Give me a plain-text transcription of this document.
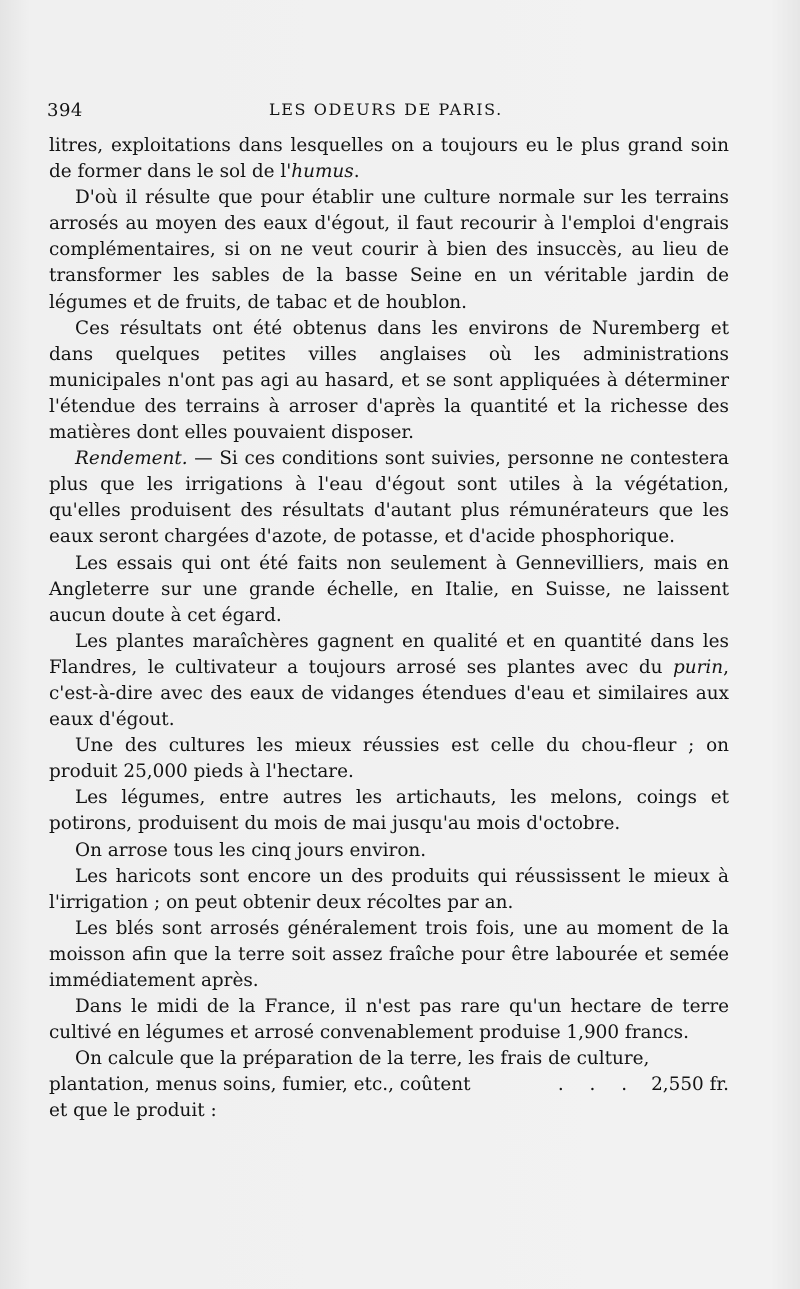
394	LES ODEURS DE PARIS.

litres, exploitations dans lesquelles on a toujours eu le plus grand soin de former dans le sol de l'humus.

D'où il résulte que pour établir une culture normale sur les terrains arrosés au moyen des eaux d'égout, il faut recourir à l'emploi d'engrais complémentaires, si on ne veut courir à bien des insuccès, au lieu de transformer les sables de la basse Seine en un véritable jardin de légumes et de fruits, de tabac et de houblon.

Ces résultats ont été obtenus dans les environs de Nuremberg et dans quelques petites villes anglaises où les administrations municipales n'ont pas agi au hasard, et se sont appliquées à déterminer l'étendue des terrains à arroser d'après la quantité et la richesse des matières dont elles pouvaient disposer.

Rendement. — Si ces conditions sont suivies, personne ne contestera plus que les irrigations à l'eau d'égout sont utiles à la végétation, qu'elles produisent des résultats d'autant plus rémunérateurs que les eaux seront chargées d'azote, de potasse, et d'acide phosphorique.

Les essais qui ont été faits non seulement à Gennevilliers, mais en Angleterre sur une grande échelle, en Italie, en Suisse, ne laissent aucun doute à cet égard.

Les plantes maraîchères gagnent en qualité et en quantité dans les Flandres, le cultivateur a toujours arrosé ses plantes avec du purin, c'est-à-dire avec des eaux de vidanges étendues d'eau et similaires aux eaux d'égout.

Une des cultures les mieux réussies est celle du chou-fleur ; on produit 25,000 pieds à l'hectare.

Les légumes, entre autres les artichauts, les melons, coings et potirons, produisent du mois de mai jusqu'au mois d'octobre.

On arrose tous les cinq jours environ.

Les haricots sont encore un des produits qui réussissent le mieux à l'irrigation ; on peut obtenir deux récoltes par an.

Les blés sont arrosés généralement trois fois, une au moment de la moisson afin que la terre soit assez fraîche pour être labourée et semée immédiatement après.

Dans le midi de la France, il n'est pas rare qu'un hectare de terre cultivé en légumes et arrosé convenablement produise 1,900 francs.

On calcule que la préparation de la terre, les frais de culture,

plantation, menus soins, fumier, etc., coûtent	. . . 2,550 fr.

et que le produit :
